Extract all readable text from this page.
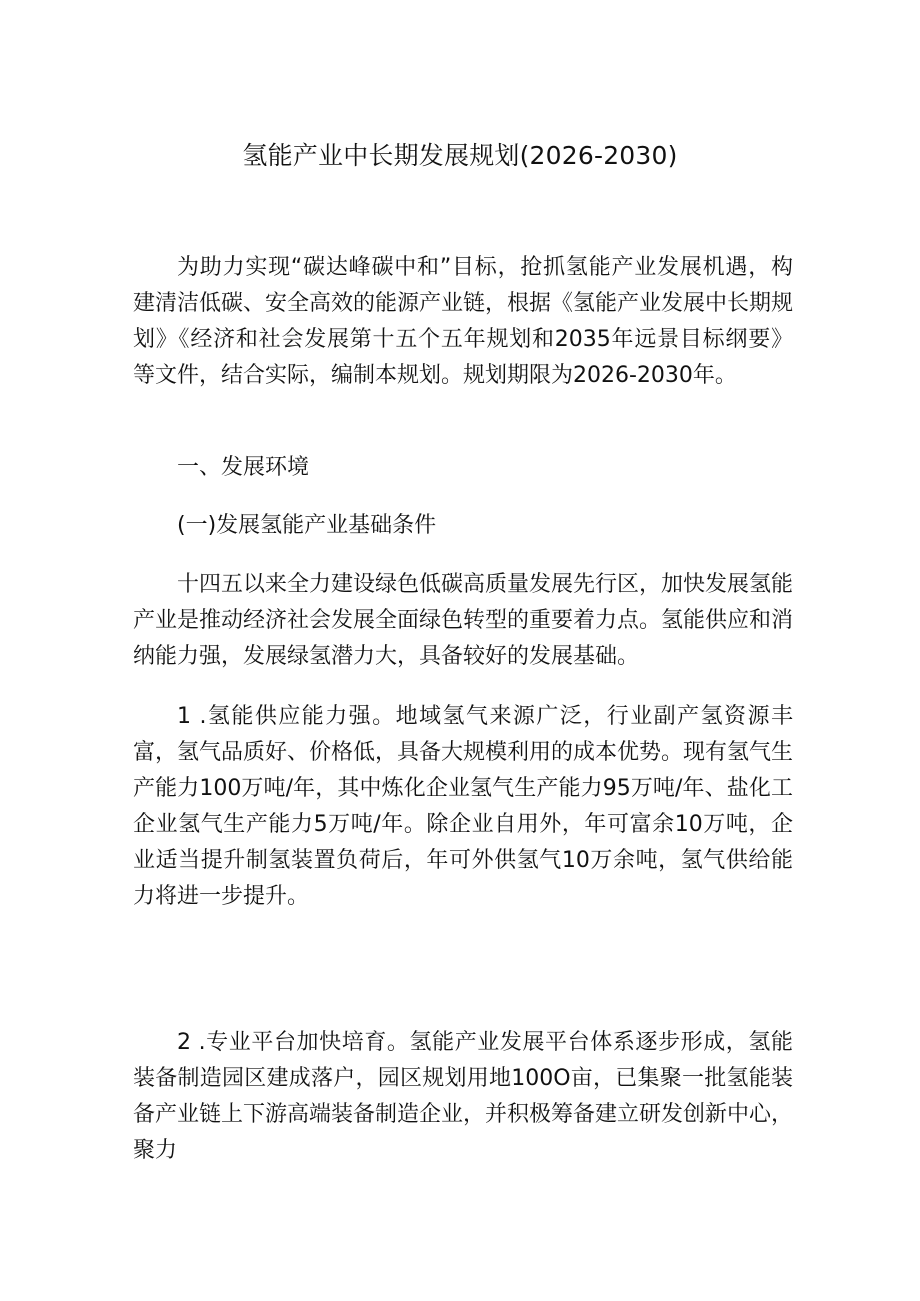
氢能产业中长期发展规划(2026-2030)

为助力实现“碳达峰碳中和”目标，抢抓氢能产业发展机遇，构建清洁低碳、安全高效的能源产业链，根据《氢能产业发展中长期规划》《经济和社会发展第十五个五年规划和2035年远景目标纲要》等文件，结合实际，编制本规划。规划期限为2026-2030年。

一、发展环境
(一)发展氢能产业基础条件

十四五以来全力建设绿色低碳高质量发展先行区，加快发展氢能产业是推动经济社会发展全面绿色转型的重要着力点。氢能供应和消纳能力强，发展绿氢潜力大，具备较好的发展基础。

1 .氢能供应能力强。地域氢气来源广泛，行业副产氢资源丰富，氢气品质好、价格低，具备大规模利用的成本优势。现有氢气生产能力100万吨/年，其中炼化企业氢气生产能力95万吨/年、盐化工企业氢气生产能力5万吨/年。除企业自用外，年可富余10万吨，企业适当提升制氢装置负荷后，年可外供氢气10万余吨，氢气供给能力将进一步提升。

2 .专业平台加快培育。氢能产业发展平台体系逐步形成，氢能装备制造园区建成落户，园区规划用地100O亩，已集聚一批氢能装备产业链上下游高端装备制造企业，并积极筹备建立研发创新中心，聚力
